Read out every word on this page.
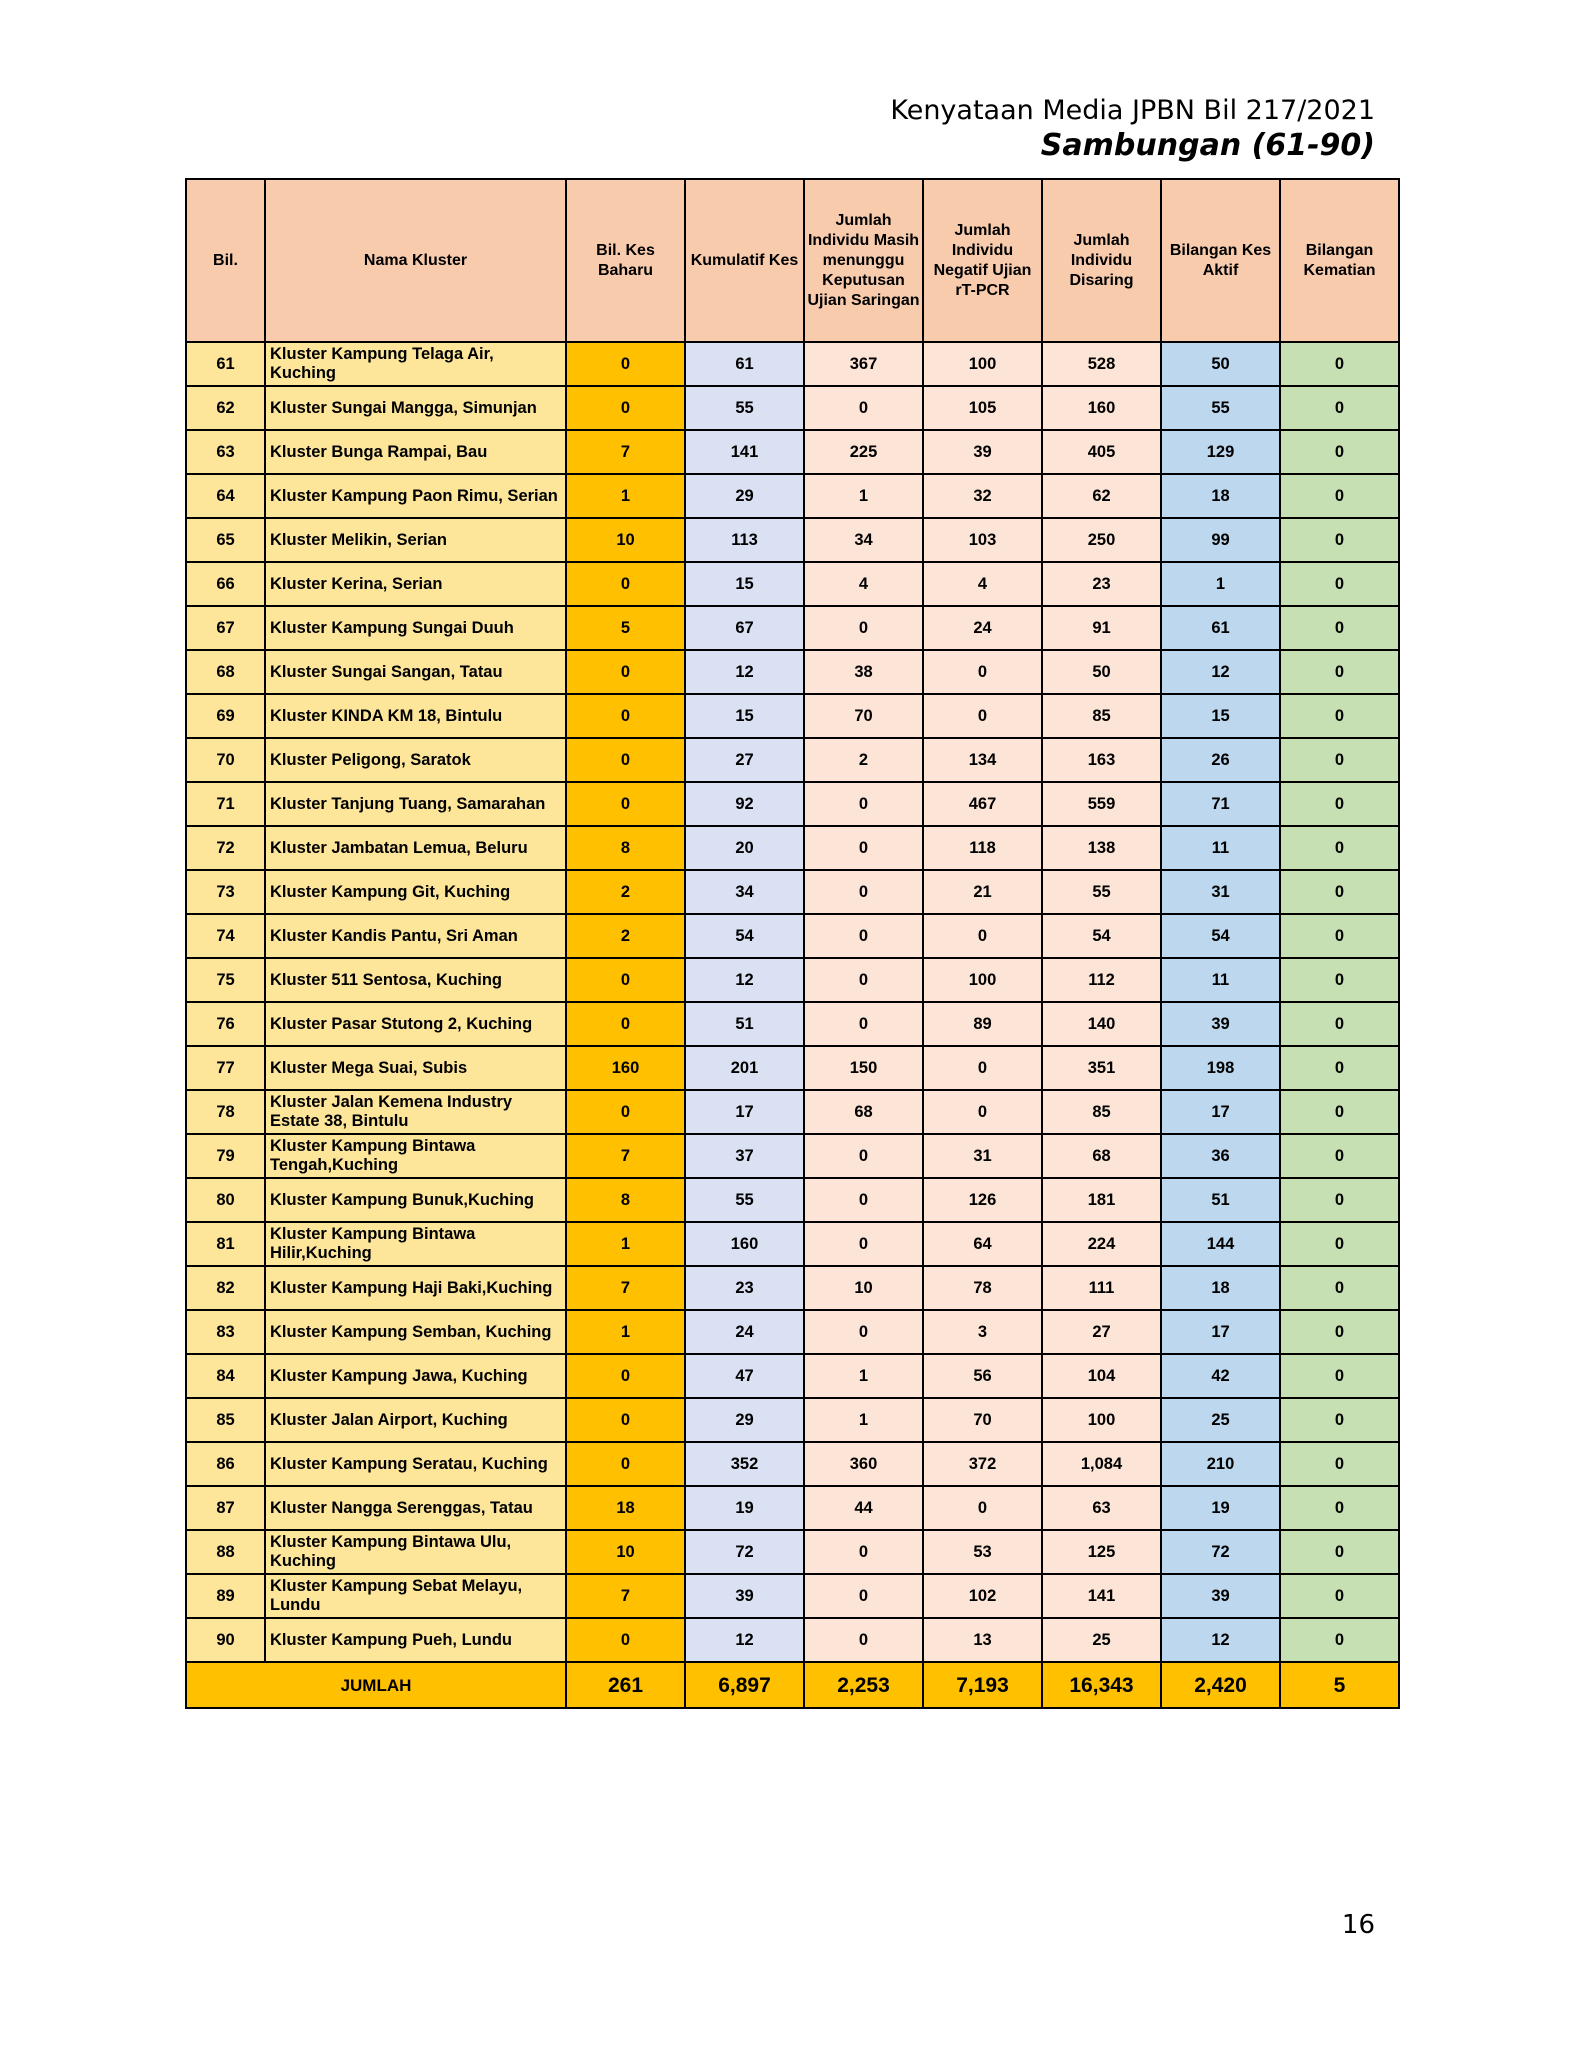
Kenyataan Media JPBN Bil 217/2021
Sambungan (61-90)
Bil.	Nama Kluster	Bil. Kes Baharu	Kumulatif Kes	Jumlah Individu Masih menunggu Keputusan Ujian Saringan	Jumlah Individu Negatif Ujian rT-PCR	Jumlah Individu Disaring	Bilangan Kes Aktif	Bilangan Kematian
61	Kluster Kampung Telaga Air, Kuching	0	61	367	100	528	50	0
62	Kluster Sungai Mangga, Simunjan	0	55	0	105	160	55	0
63	Kluster Bunga Rampai, Bau	7	141	225	39	405	129	0
64	Kluster Kampung Paon Rimu, Serian	1	29	1	32	62	18	0
65	Kluster Melikin, Serian	10	113	34	103	250	99	0
66	Kluster Kerina, Serian	0	15	4	4	23	1	0
67	Kluster Kampung Sungai Duuh	5	67	0	24	91	61	0
68	Kluster Sungai Sangan, Tatau	0	12	38	0	50	12	0
69	Kluster KINDA KM 18, Bintulu	0	15	70	0	85	15	0
70	Kluster Peligong, Saratok	0	27	2	134	163	26	0
71	Kluster Tanjung Tuang, Samarahan	0	92	0	467	559	71	0
72	Kluster Jambatan Lemua, Beluru	8	20	0	118	138	11	0
73	Kluster Kampung Git, Kuching	2	34	0	21	55	31	0
74	Kluster Kandis Pantu, Sri Aman	2	54	0	0	54	54	0
75	Kluster 511 Sentosa, Kuching	0	12	0	100	112	11	0
76	Kluster Pasar Stutong 2, Kuching	0	51	0	89	140	39	0
77	Kluster Mega Suai, Subis	160	201	150	0	351	198	0
78	Kluster Jalan Kemena Industry Estate 38, Bintulu	0	17	68	0	85	17	0
79	Kluster Kampung Bintawa Tengah,Kuching	7	37	0	31	68	36	0
80	Kluster Kampung Bunuk,Kuching	8	55	0	126	181	51	0
81	Kluster Kampung Bintawa Hilir,Kuching	1	160	0	64	224	144	0
82	Kluster Kampung Haji Baki,Kuching	7	23	10	78	111	18	0
83	Kluster Kampung Semban, Kuching	1	24	0	3	27	17	0
84	Kluster Kampung Jawa, Kuching	0	47	1	56	104	42	0
85	Kluster Jalan Airport, Kuching	0	29	1	70	100	25	0
86	Kluster Kampung Seratau, Kuching	0	352	360	372	1,084	210	0
87	Kluster Nangga Serenggas, Tatau	18	19	44	0	63	19	0
88	Kluster Kampung Bintawa Ulu, Kuching	10	72	0	53	125	72	0
89	Kluster Kampung Sebat Melayu, Lundu	7	39	0	102	141	39	0
90	Kluster Kampung Pueh, Lundu	0	12	0	13	25	12	0
JUMLAH		261	6,897	2,253	7,193	16,343	2,420	5
16
